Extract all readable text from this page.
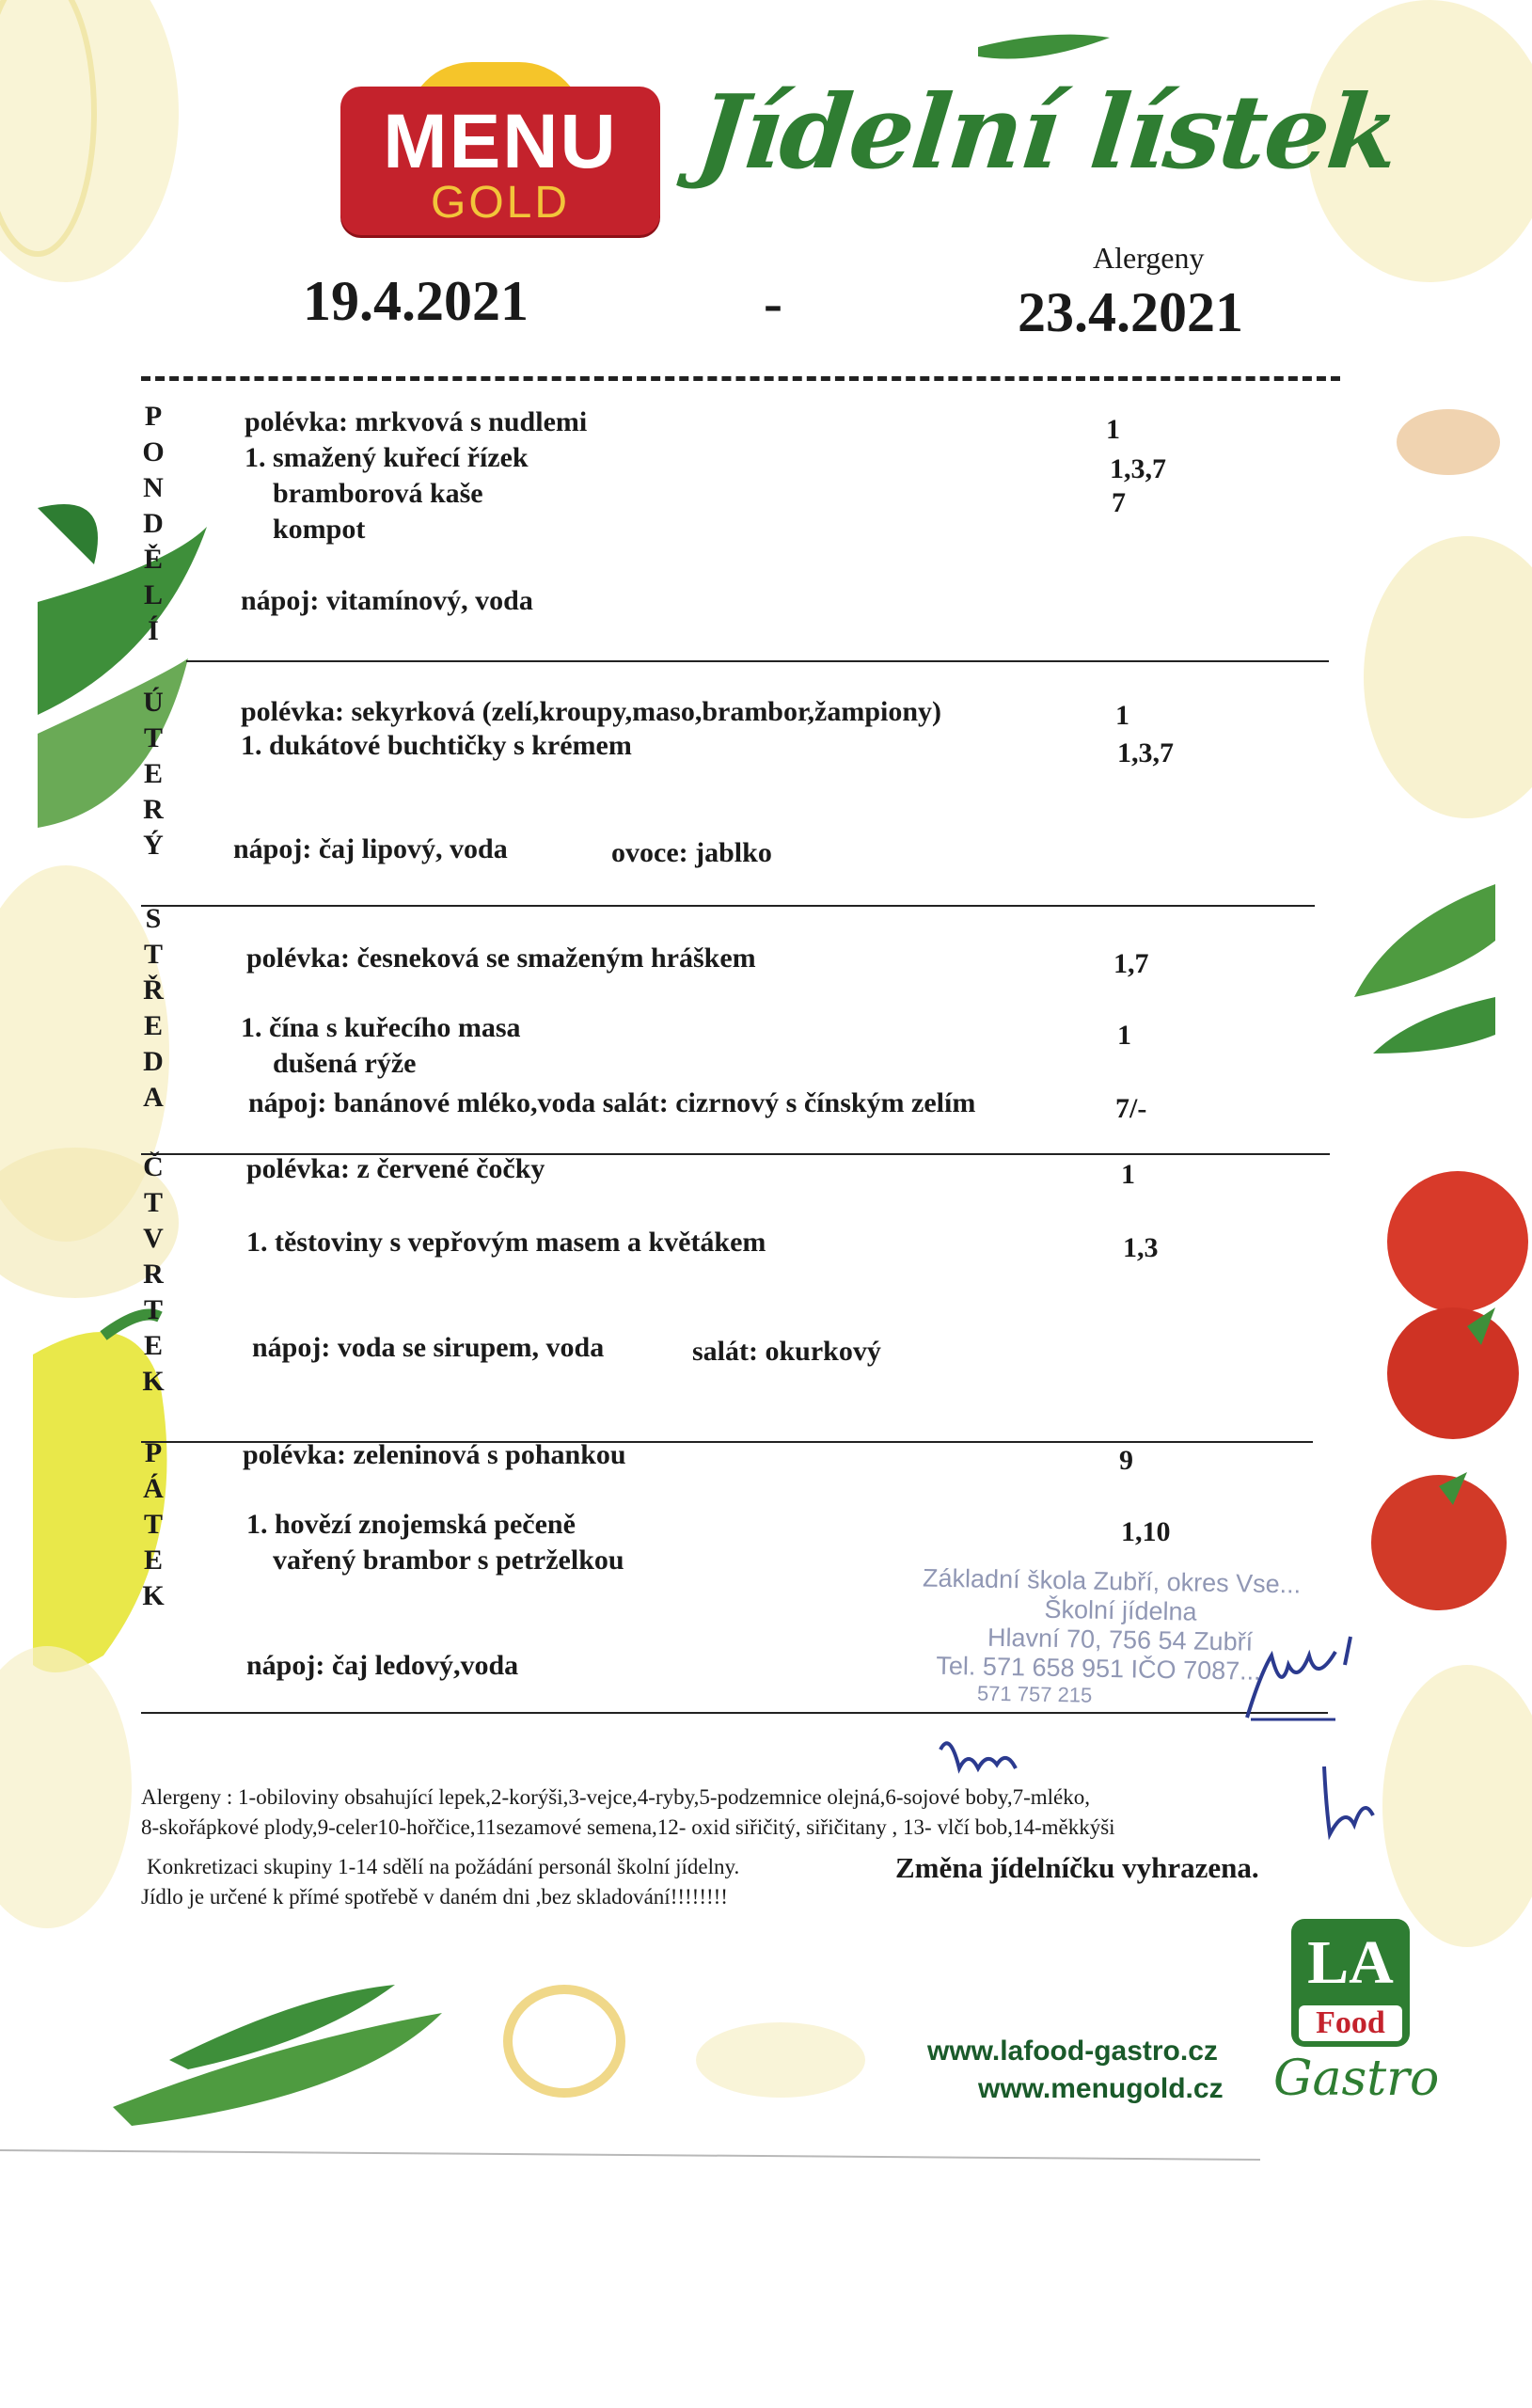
MENU
GOLD
Jídelní lístek
19.4.2021	-
Alergeny
23.4.2021
P
O
N
D
Ě
L
Í
polévka: mrkvová s nudlemi	1
1. smažený kuřecí řízek	1,3,7
bramborová kaše	7
kompot
nápoj: vitamínový, voda
Ú
T
E
R
Ý
polévka: sekyrková (zelí,kroupy,maso,brambor,žampiony)	1
1. dukátové buchtičky s krémem	1,3,7
nápoj: čaj lipový, voda	ovoce: jablko
S
T
Ř
E
D
A
polévka: česneková se smaženým hráškem	1,7
1. čína s kuřecího masa	1
dušená rýže
nápoj: banánové mléko,voda salát: cizrnový s čínským zelím	7/-
Č
T
V
R
T
E
K
polévka: z červené čočky	1
1. těstoviny s vepřovým masem a květákem	1,3
nápoj: voda se sirupem, voda	salát: okurkový
P
Á
T
E
K
polévka: zeleninová s pohankou	9
1. hovězí znojemská pečeně	1,10
vařený brambor s petrželkou
nápoj: čaj ledový,voda
Základní škola Zubří, okres Vse...
Školní jídelna
Hlavní 70, 756 54 Zubří
Tel. 571 658 951 IČO 7087...
571 757 215
Alergeny : 1-obiloviny obsahující lepek,2-korýši,3-vejce,4-ryby,5-podzemnice olejná,6-sojové boby,7-mléko,
8-skořápkové plody,9-celer10-hořčice,11sezamové semena,12- oxid siřičitý, siřičitany , 13- vlčí bob,14-měkkýši
Konkretizaci skupiny 1-14 sdělí na požádání personál školní jídelny.	Změna jídelníčku vyhrazena.
Jídlo je určené k přímé spotřebě v daném dni ,bez skladování!!!!!!!!
www.lafood-gastro.cz
www.menugold.cz
LA
Food
Gastro
